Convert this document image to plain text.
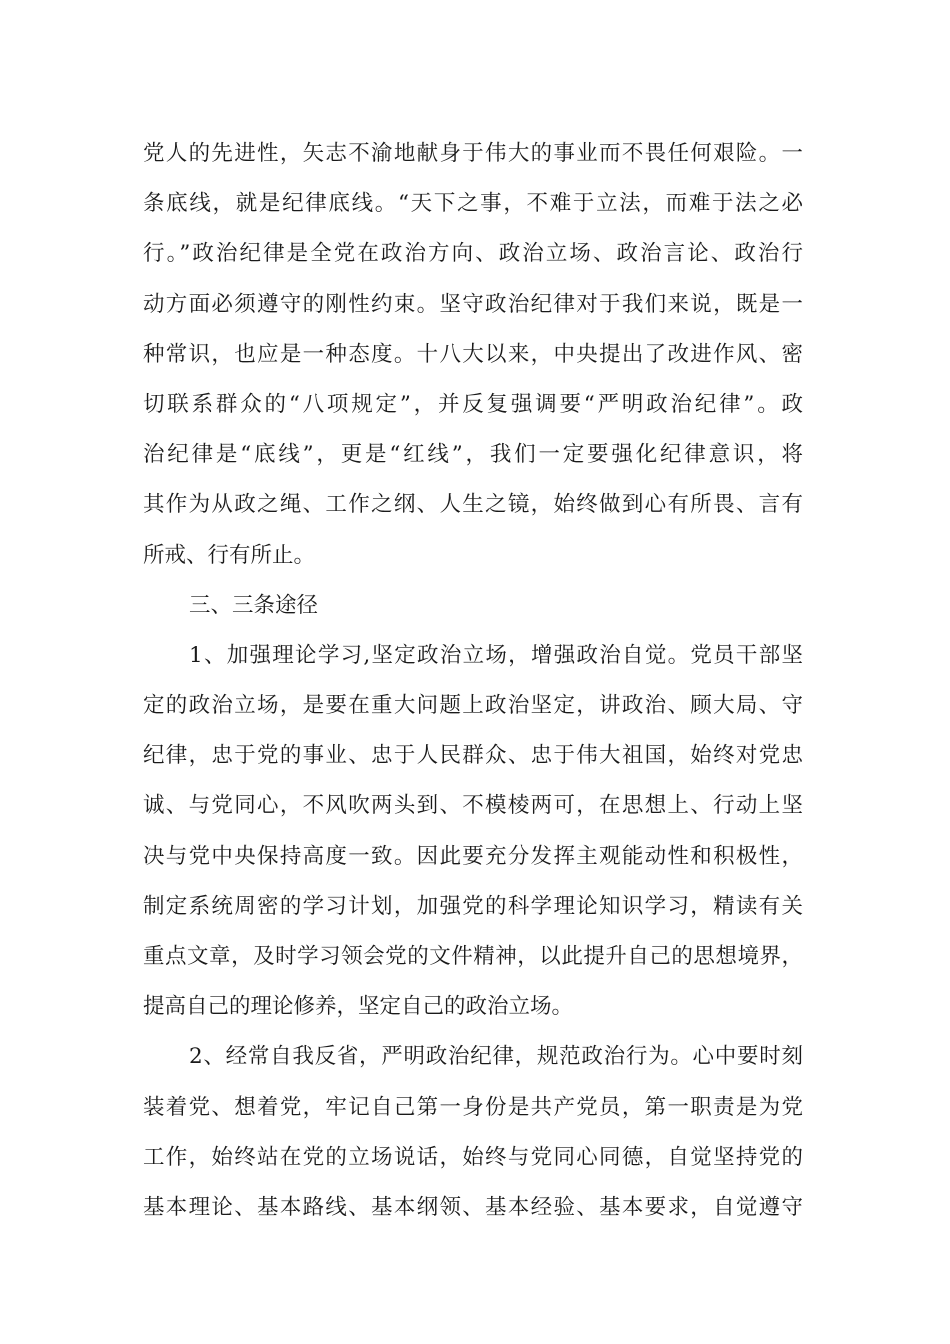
党人的先进性，矢志不渝地献身于伟大的事业而不畏任何艰险。一
条底线，就是纪律底线。“天下之事，不难于立法，而难于法之必
行。”政治纪律是全党在政治方向、政治立场、政治言论、政治行
动方面必须遵守的刚性约束。坚守政治纪律对于我们来说，既是一
种常识，也应是一种态度。十八大以来，中央提出了改进作风、密
切联系群众的“八项规定”，并反复强调要“严明政治纪律”。政
治纪律是“底线”，更是“红线”，我们一定要强化纪律意识，将
其作为从政之绳、工作之纲、人生之镜，始终做到心有所畏、言有
所戒、行有所止。
三、三条途径
1、加强理论学习,坚定政治立场，增强政治自觉。党员干部坚
定的政治立场，是要在重大问题上政治坚定，讲政治、顾大局、守
纪律，忠于党的事业、忠于人民群众、忠于伟大祖国，始终对党忠
诚、与党同心，不风吹两头到、不模棱两可，在思想上、行动上坚
决与党中央保持高度一致。因此要充分发挥主观能动性和积极性，
制定系统周密的学习计划，加强党的科学理论知识学习，精读有关
重点文章，及时学习领会党的文件精神，以此提升自己的思想境界，
提高自己的理论修养，坚定自己的政治立场。
2、经常自我反省，严明政治纪律，规范政治行为。心中要时刻
装着党、想着党，牢记自己第一身份是共产党员，第一职责是为党
工作，始终站在党的立场说话，始终与党同心同德，自觉坚持党的
基本理论、基本路线、基本纲领、基本经验、基本要求，自觉遵守
